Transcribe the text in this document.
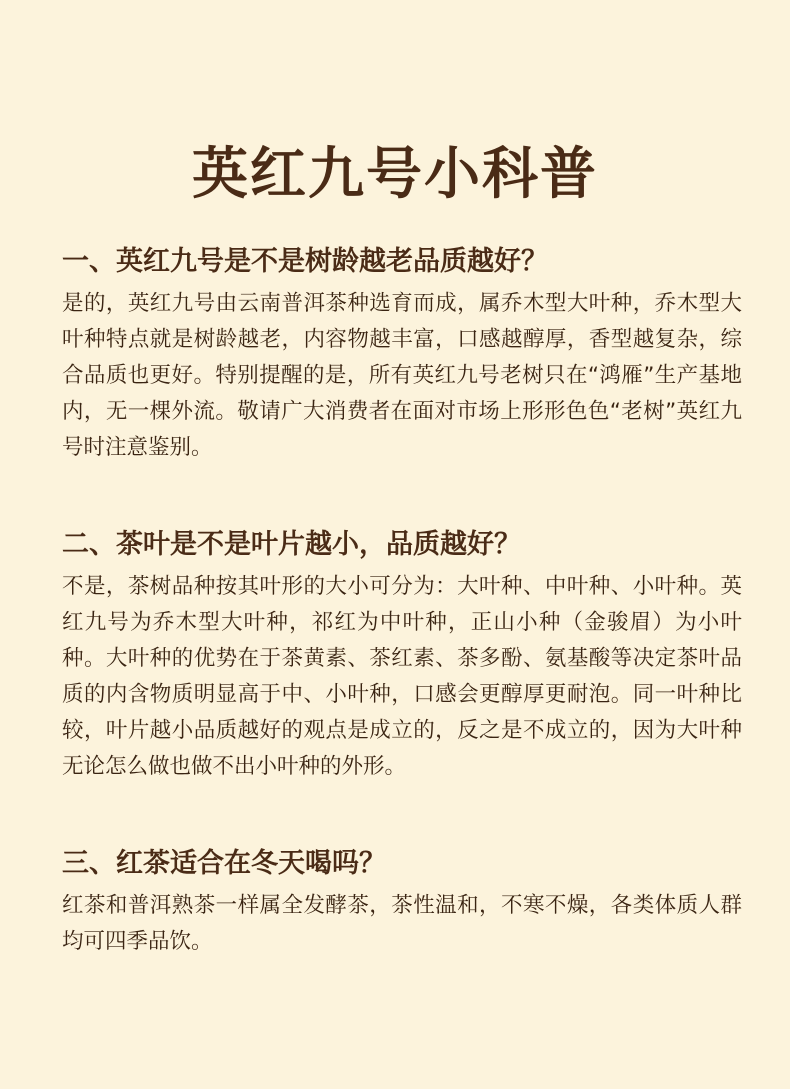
英红九号小科普

一、英红九号是不是树龄越老品质越好？

是的，英红九号由云南普洱茶种选育而成，属乔木型大叶种，乔木型大叶种特点就是树龄越老，内容物越丰富，口感越醇厚，香型越复杂，综合品质也更好。特别提醒的是，所有英红九号老树只在“鸿雁”生产基地内，无一棵外流。敬请广大消费者在面对市场上形形色色“老树”英红九号时注意鉴别。

二、茶叶是不是叶片越小，品质越好？

不是，茶树品种按其叶形的大小可分为：大叶种、中叶种、小叶种。英红九号为乔木型大叶种，祁红为中叶种，正山小种（金骏眉）为小叶种。大叶种的优势在于茶黄素、茶红素、茶多酚、氨基酸等决定茶叶品质的内含物质明显高于中、小叶种，口感会更醇厚更耐泡。同一叶种比较，叶片越小品质越好的观点是成立的，反之是不成立的，因为大叶种无论怎么做也做不出小叶种的外形。

三、红茶适合在冬天喝吗？

红茶和普洱熟茶一样属全发酵茶，茶性温和，不寒不燥，各类体质人群均可四季品饮。
